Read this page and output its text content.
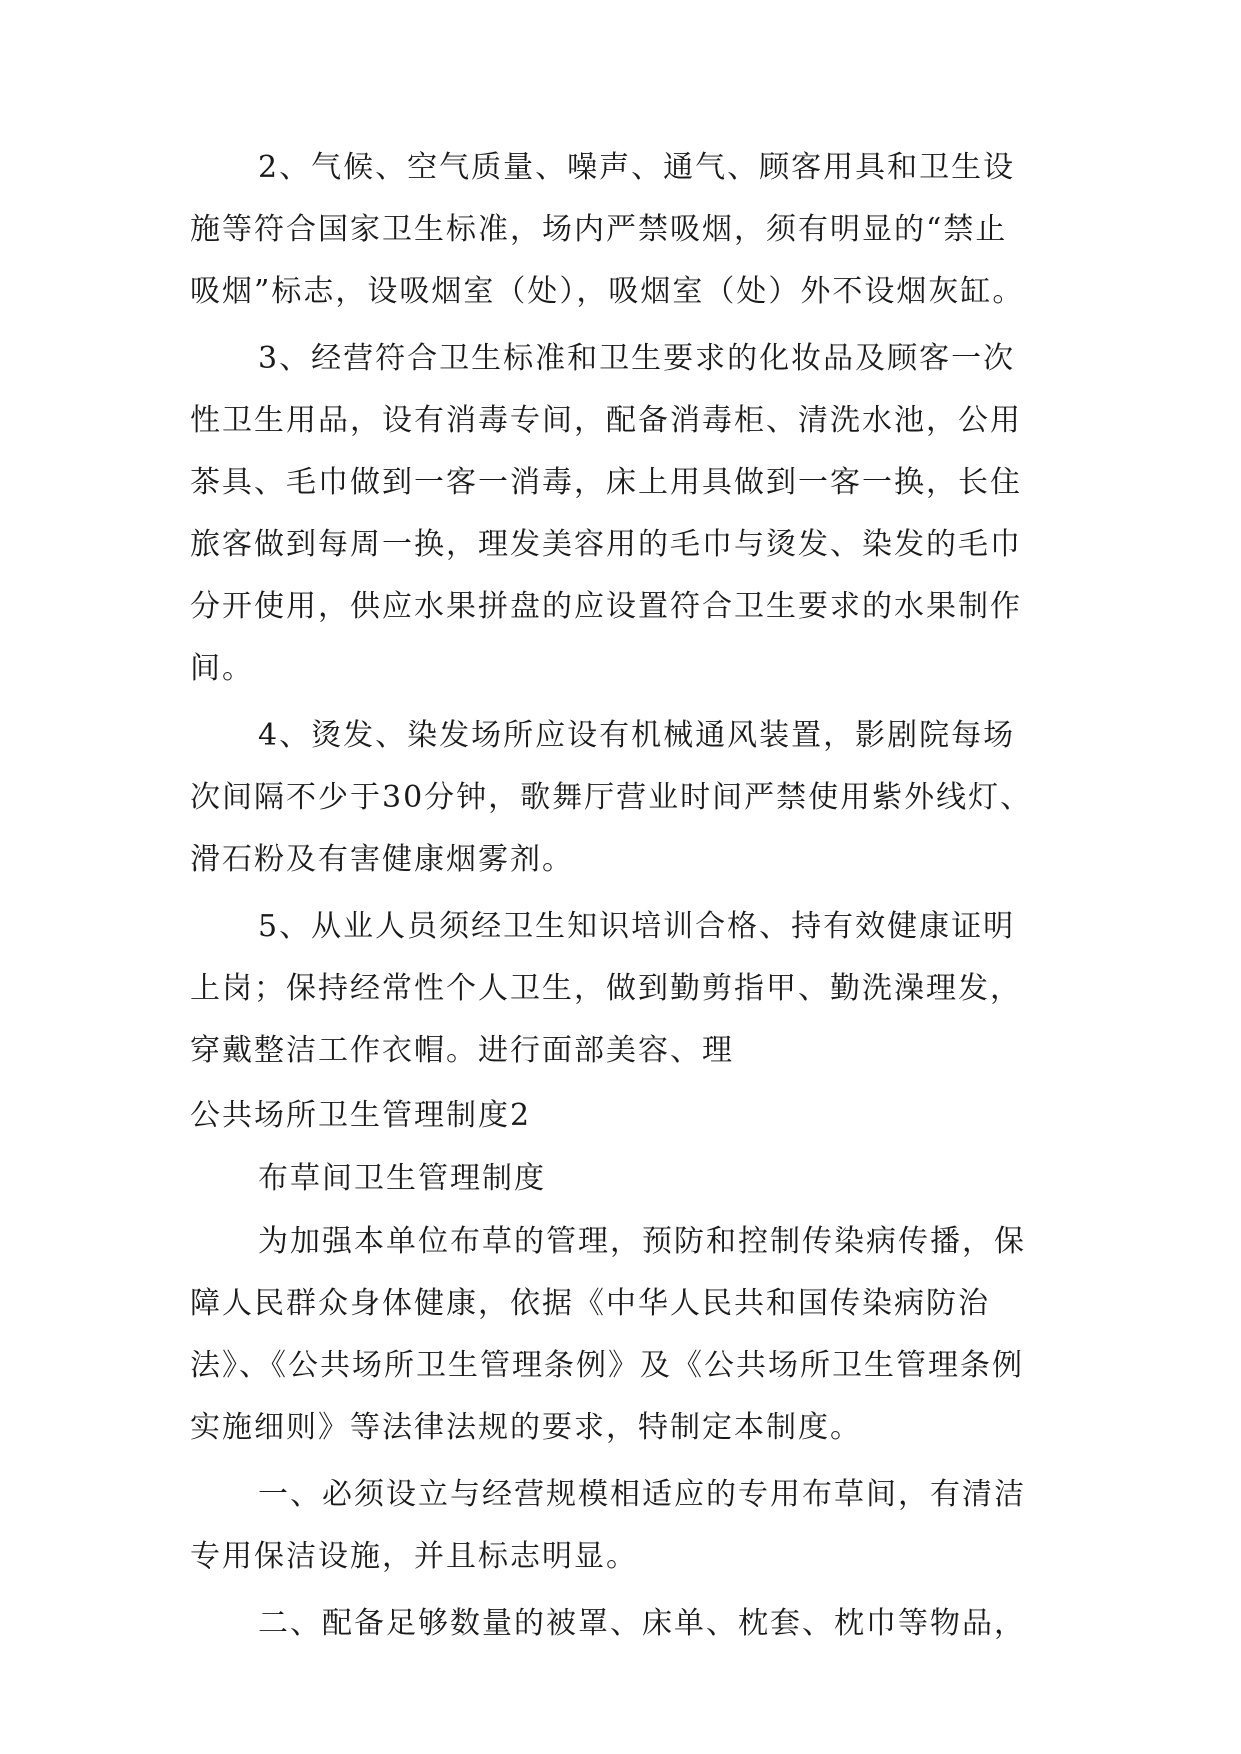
2、气候、空气质量、噪声、通气、顾客用具和卫生设

施等符合国家卫生标准，场内严禁吸烟，须有明显的“禁止

吸烟”标志，设吸烟室（处），吸烟室（处）外不设烟灰缸。

3、经营符合卫生标准和卫生要求的化妆品及顾客一次

性卫生用品，设有消毒专间，配备消毒柜、清洗水池，公用

茶具、毛巾做到一客一消毒，床上用具做到一客一换，长住

旅客做到每周一换，理发美容用的毛巾与烫发、染发的毛巾

分开使用，供应水果拼盘的应设置符合卫生要求的水果制作

间。

4、烫发、染发场所应设有机械通风装置，影剧院每场

次间隔不少于30分钟，歌舞厅营业时间严禁使用紫外线灯、

滑石粉及有害健康烟雾剂。

5、从业人员须经卫生知识培训合格、持有效健康证明

上岗；保持经常性个人卫生，做到勤剪指甲、勤洗澡理发，

穿戴整洁工作衣帽。进行面部美容、理

公共场所卫生管理制度2

布草间卫生管理制度

为加强本单位布草的管理，预防和控制传染病传播，保

障人民群众身体健康，依据《中华人民共和国传染病防治

法》、《公共场所卫生管理条例》及《公共场所卫生管理条例

实施细则》等法律法规的要求，特制定本制度。

一、必须设立与经营规模相适应的专用布草间，有清洁

专用保洁设施，并且标志明显。

二、配备足够数量的被罩、床单、枕套、枕巾等物品，
